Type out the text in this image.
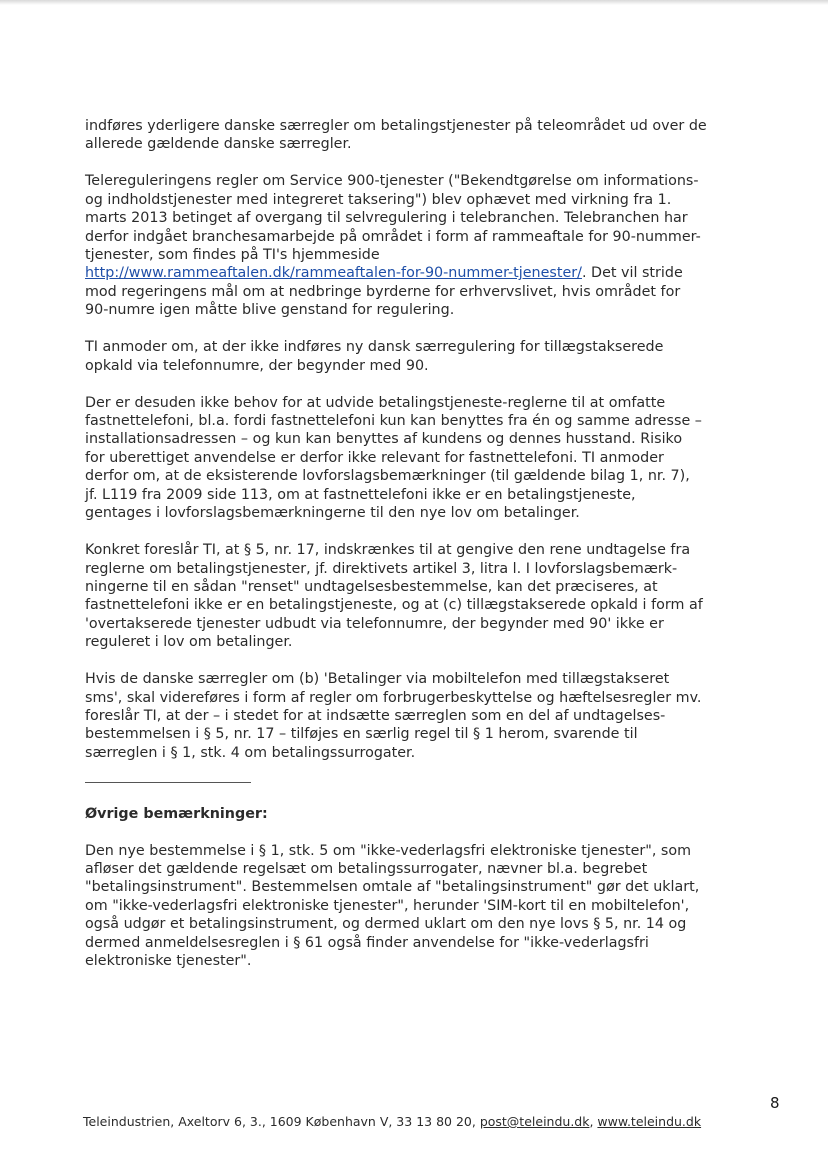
indføres yderligere danske særregler om betalingstjenester på teleområdet ud over de
allerede gældende danske særregler.

Telereguleringens regler om Service 900-tjenester ("Bekendtgørelse om informations-
og indholdstjenester med integreret taksering") blev ophævet med virkning fra 1.
marts 2013 betinget af overgang til selvregulering i telebranchen. Telebranchen har
derfor indgået branchesamarbejde på området i form af rammeaftale for 90-nummer-
tjenester, som findes på TI's hjemmeside
http://www.rammeaftalen.dk/rammeaftalen-for-90-nummer-tjenester/. Det vil stride
mod regeringens mål om at nedbringe byrderne for erhvervslivet, hvis området for
90-numre igen måtte blive genstand for regulering.

TI anmoder om, at der ikke indføres ny dansk særregulering for tillægstakserede
opkald via telefonnumre, der begynder med 90.

Der er desuden ikke behov for at udvide betalingstjeneste-reglerne til at omfatte
fastnettelefoni, bl.a. fordi fastnettelefoni kun kan benyttes fra én og samme adresse –
installationsadressen – og kun kan benyttes af kundens og dennes husstand. Risiko
for uberettiget anvendelse er derfor ikke relevant for fastnettelefoni. TI anmoder
derfor om, at de eksisterende lovforslagsbemærkninger (til gældende bilag 1, nr. 7),
jf. L119 fra 2009 side 113, om at fastnettelefoni ikke er en betalingstjeneste,
gentages i lovforslagsbemærkningerne til den nye lov om betalinger.

Konkret foreslår TI, at § 5, nr. 17, indskrænkes til at gengive den rene undtagelse fra
reglerne om betalingstjenester, jf. direktivets artikel 3, litra l. I lovforslagsbemærk-
ningerne til en sådan "renset" undtagelsesbestemmelse, kan det præciseres, at
fastnettelefoni ikke er en betalingstjeneste, og at (c) tillægstakserede opkald i form af
'overtakserede tjenester udbudt via telefonnumre, der begynder med 90' ikke er
reguleret i lov om betalinger.

Hvis de danske særregler om (b) 'Betalinger via mobiltelefon med tillægstakseret
sms', skal videreføres i form af regler om forbrugerbeskyttelse og hæftelsesregler mv.
foreslår TI, at der – i stedet for at indsætte særreglen som en del af undtagelses-
bestemmelsen i § 5, nr. 17 – tilføjes en særlig regel til § 1 herom, svarende til
særreglen i § 1, stk. 4 om betalingssurrogater.

Øvrige bemærkninger:

Den nye bestemmelse i § 1, stk. 5 om "ikke-vederlagsfri elektroniske tjenester", som
afløser det gældende regelsæt om betalingssurrogater, nævner bl.a. begrebet
"betalingsinstrument". Bestemmelsen omtale af "betalingsinstrument" gør det uklart,
om "ikke-vederlagsfri elektroniske tjenester", herunder 'SIM-kort til en mobiltelefon',
også udgør et betalingsinstrument, og dermed uklart om den nye lovs § 5, nr. 14 og
dermed anmeldelsesreglen i § 61 også finder anvendelse for "ikke-vederlagsfri
elektroniske tjenester".

8
Teleindustrien, Axeltorv 6, 3., 1609 København V, 33 13 80 20, post@teleindu.dk, www.teleindu.dk
